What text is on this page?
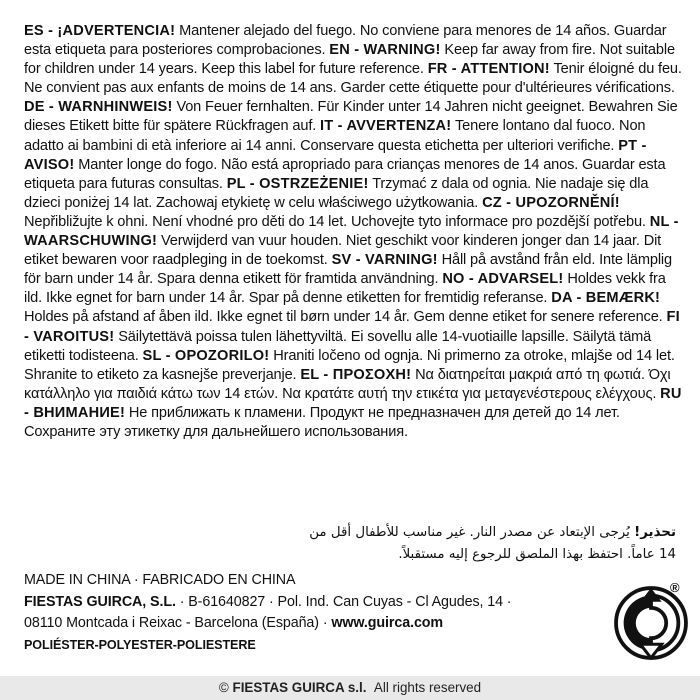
ES - ¡ADVERTENCIA! Mantener alejado del fuego. No conviene para menores de 14 años. Guardar esta etiqueta para posteriores comprobaciones. EN - WARNING! Keep far away from fire. Not suitable for children under 14 years. Keep this label for future reference. FR - ATTENTION! Tenir éloigné du feu. Ne convient pas aux enfants de moins de 14 ans. Garder cette étiquette pour d'ultérieures vérifications. DE - WARNHINWEIS! Von Feuer fernhalten. Für Kinder unter 14 Jahren nicht geeignet. Bewahren Sie dieses Etikett bitte für spätere Rückfragen auf. IT - AVVERTENZA! Tenere lontano dal fuoco. Non adatto ai bambini di età inferiore ai 14 anni. Conservare questa etichetta per ulteriori verifiche. PT - AVISO! Manter longe do fogo. Não está apropriado para crianças menores de 14 anos. Guardar esta etiqueta para futuras consultas. PL - OSTRZEŻENIE! Trzymać z dala od ognia. Nie nadaje się dla dzieci poniżej 14 lat. Zachowaj etykietę w celu właściwego użytkowania. CZ - UPOZORNĚNÍ! Nepřibližujte k ohni. Není vhodné pro děti do 14 let. Uchovejte tyto informace pro pozdější potřebu. NL - WAARSCHUWING! Verwijderd van vuur houden. Niet geschikt voor kinderen jonger dan 14 jaar. Dit etiket bewaren voor raadpleging in de toekomst. SV - VARNING! Håll på avstånd från eld. Inte lämplig för barn under 14 år. Spara denna etikett för framtida användning. NO - ADVARSEL! Holdes vekk fra ild. Ikke egnet for barn under 14 år. Spar på denne etiketten for fremtidig referanse. DA - BEMÆRK! Holdes på afstand af åben ild. Ikke egnet til børn under 14 år. Gem denne etiket for senere reference. FI - VAROITUS! Säilytettävä poissa tulen lähettyviltä. Ei sovellu alle 14-vuotiaille lapsille. Säilytä tämä etiketti todisteena. SL - OPOZORILO! Hraniti ločeno od ognja. Ni primerno za otroke, mlajše od 14 let. Shranite to etiketo za kasnejše preverjanje. EL - ΠΡΟΣΟΧΗ! Να διατηρείται μακριά από τη φωτιά. Όχι κατάλληλο για παιδιά κάτω των 14 ετών. Να κρατάτε αυτή την ετικέτα για μεταγενέστερους ελέγχους. RU - ВНИМАНИЕ! Не приближать к пламени. Продукт не предназначен для детей до 14 лет. Сохраните эту этикетку для дальнейшего использования.
تحذير! يُرجى الإبتعاد عن مصدر النار. غير مناسب للأطفال أقل من 14 عاماً. احتفظ بهذا الملصق للرجوع إليه مستقبلاً.
MADE IN CHINA · FABRICADO EN CHINA
FIESTAS GUIRCA, S.L. · B-61640827 · Pol. Ind. Can Cuyas - Cl Agudes, 14 ·
08110 Montcada i Reixac - Barcelona (España) · www.guirca.com
POLIÉSTER-POLYESTER-POLIESTERE
®
© FIESTAS GUIRCA s.l. All rights reserved
